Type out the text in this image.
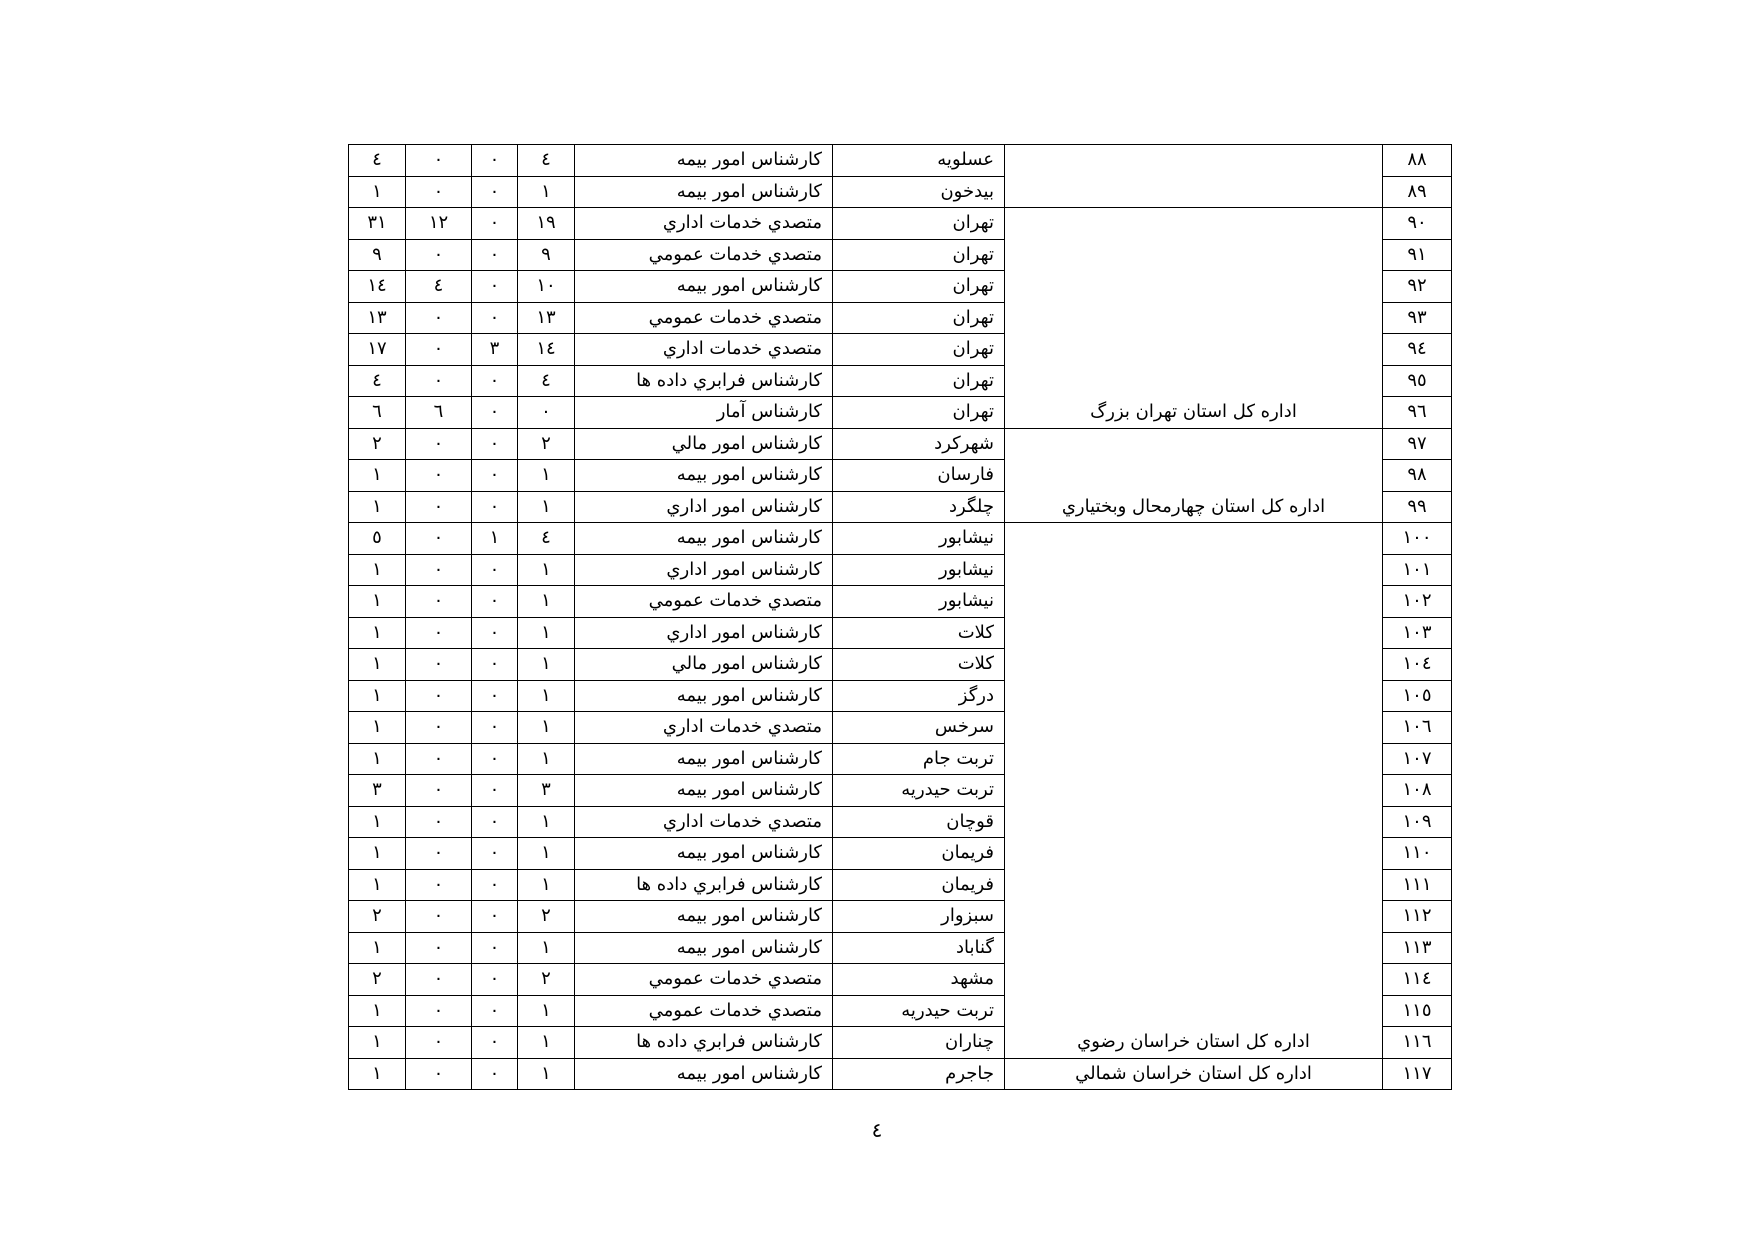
٤	٠	٠	٤	كارشناس امور بيمه	عسلويه		٨٨
١	٠	٠	١	كارشناس امور بيمه	بيدخون		٨٩
٣١	١٢	٠	١٩	متصدي خدمات اداري	تهران		٩٠
٩	٠	٠	٩	متصدي خدمات عمومي	تهران		٩١
١٤	٤	٠	١٠	كارشناس امور بيمه	تهران		٩٢
١٣	٠	٠	١٣	متصدي خدمات عمومي	تهران		٩٣
١٧	٠	٣	١٤	متصدي خدمات اداري	تهران		٩٤
٤	٠	٠	٤	كارشناس فرابري داده ها	تهران		٩٥
٦	٦	٠	٠	كارشناس آمار	تهران	اداره كل استان تهران بزرگ	٩٦
٢	٠	٠	٢	كارشناس امور مالي	شهركرد		٩٧
١	٠	٠	١	كارشناس امور بيمه	فارسان		٩٨
١	٠	٠	١	كارشناس امور اداري	چلگرد	اداره كل استان چهارمحال وبختياري	٩٩
٥	٠	١	٤	كارشناس امور بيمه	نيشابور		١٠٠
١	٠	٠	١	كارشناس امور اداري	نيشابور		١٠١
١	٠	٠	١	متصدي خدمات عمومي	نيشابور		١٠٢
١	٠	٠	١	كارشناس امور اداري	كلات		١٠٣
١	٠	٠	١	كارشناس امور مالي	كلات		١٠٤
١	٠	٠	١	كارشناس امور بيمه	درگز		١٠٥
١	٠	٠	١	متصدي خدمات اداري	سرخس		١٠٦
١	٠	٠	١	كارشناس امور بيمه	تربت جام		١٠٧
٣	٠	٠	٣	كارشناس امور بيمه	تربت حيدريه		١٠٨
١	٠	٠	١	متصدي خدمات اداري	قوچان		١٠٩
١	٠	٠	١	كارشناس امور بيمه	فريمان		١١٠
١	٠	٠	١	كارشناس فرابري داده ها	فريمان		١١١
٢	٠	٠	٢	كارشناس امور بيمه	سبزوار		١١٢
١	٠	٠	١	كارشناس امور بيمه	گناباد		١١٣
٢	٠	٠	٢	متصدي خدمات عمومي	مشهد		١١٤
١	٠	٠	١	متصدي خدمات عمومي	تربت حيدريه		١١٥
١	٠	٠	١	كارشناس فرابري داده ها	چناران	اداره كل استان خراسان رضوي	١١٦
١	٠	٠	١	كارشناس امور بيمه	جاجرم	اداره كل استان خراسان شمالي	١١٧
٤
